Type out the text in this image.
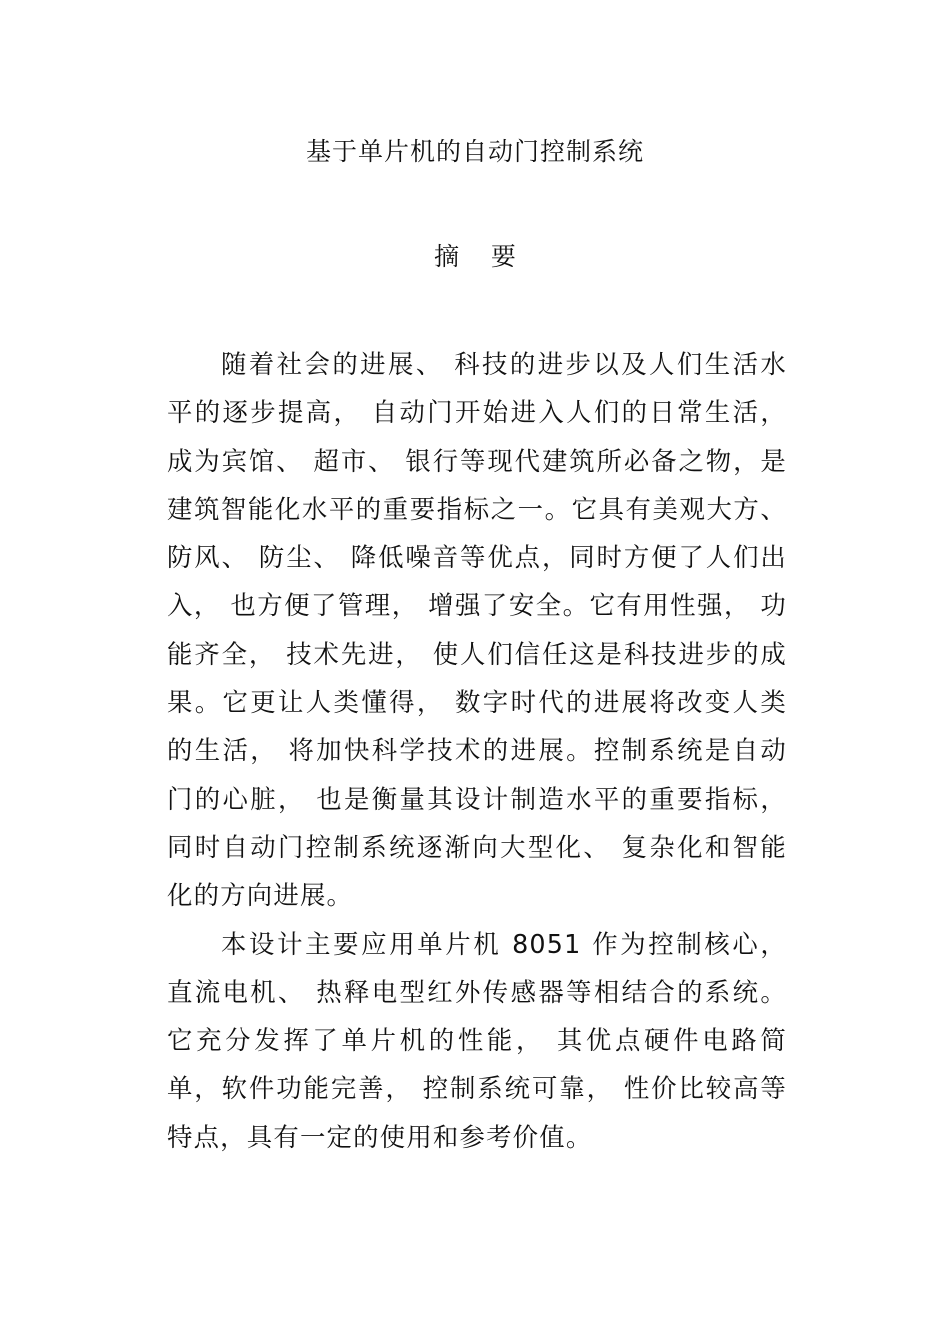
基于单片机的自动门控制系统
摘    要

随着社会的进展、 科技的进步以及人们生活水平的逐步提高， 自动门开始进入人们的日常生活，成为宾馆、 超市、 银行等现代建筑所必备之物，是建筑智能化水平的重要指标之一。它具有美观大方、 防风、 防尘、 降低噪音等优点，同时方便了人们出入， 也方便了管理， 增强了安全。它有用性强， 功能齐全， 技术先进， 使人们信任这是科技进步的成果。它更让人类懂得， 数字时代的进展将改变人类的生活， 将加快科学技术的进展。控制系统是自动门的心脏， 也是衡量其设计制造水平的重要指标， 同时自动门控制系统逐渐向大型化、 复杂化和智能化的方向进展。

本设计主要应用单片机 8051 作为控制核心， 直流电机、 热释电型红外传感器等相结合的系统。它充分发挥了单片机的性能， 其优点硬件电路简单，软件功能完善， 控制系统可靠， 性价比较高等特点，具有一定的使用和参考价值。
